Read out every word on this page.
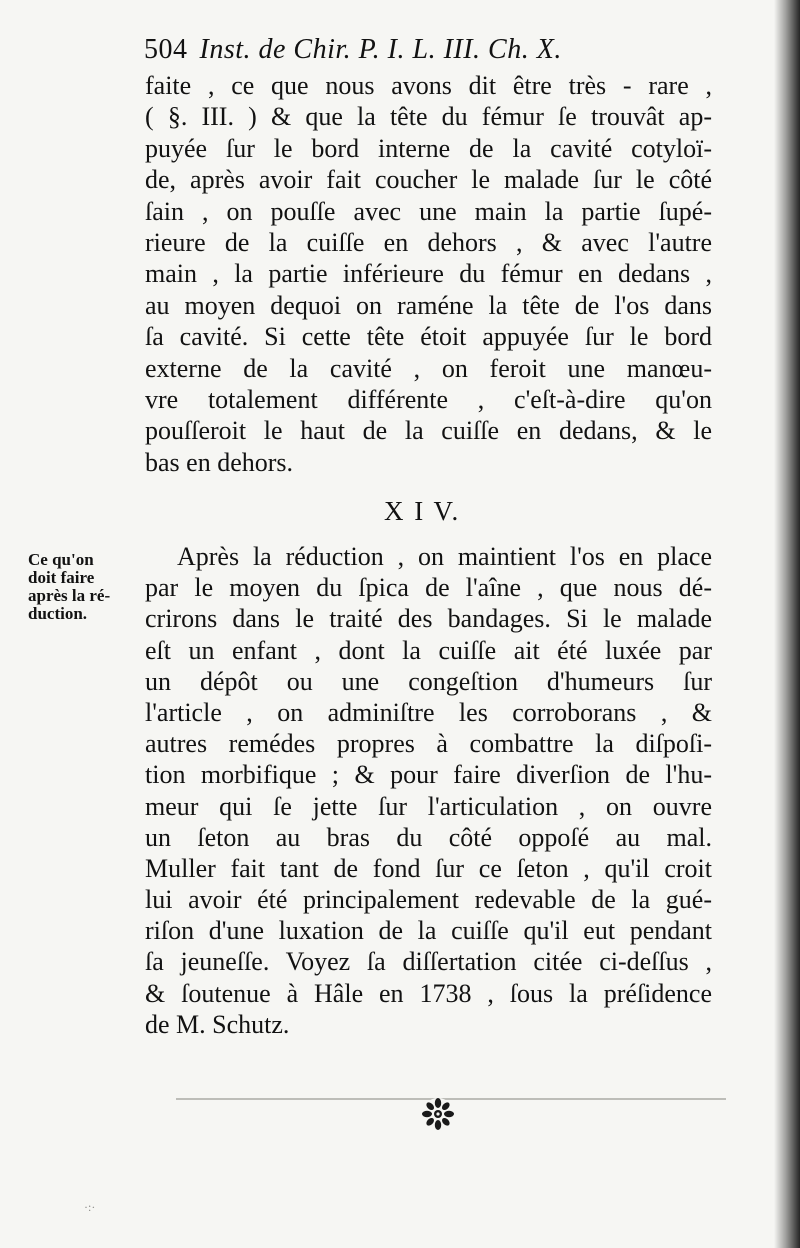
504 Inst. de Chir. P. I. L. III. Ch. X.
faite , ce que nous avons dit être très - rare ,
( §. III. ) & que la tête du fémur ſe trouvât ap-
puyée ſur le bord interne de la cavité cotyloï-
de, après avoir fait coucher le malade ſur le côté
ſain , on pouſſe avec une main la partie ſupé-
rieure de la cuiſſe en dehors , & avec l'autre
main , la partie inférieure du fémur en dedans ,
au moyen dequoi on raméne la tête de l'os dans
ſa cavité. Si cette tête étoit appuyée ſur le bord
externe de la cavité , on feroit une manœu-
vre totalement différente , c'eſt-à-dire qu'on
pouſſeroit le haut de la cuiſſe en dedans, & le
bas en dehors.
X I V.
Ce qu'on
doit faire
après la ré-
duction.
Après la réduction , on maintient l'os en place
par le moyen du ſpica de l'aîne , que nous dé-
crirons dans le traité des bandages. Si le malade
eſt un enfant , dont la cuiſſe ait été luxée par
un dépôt ou une congeſtion d'humeurs ſur
l'article , on adminiſtre les corroborans , &
autres remédes propres à combattre la diſpoſi-
tion morbifique ; & pour faire diverſion de l'hu-
meur qui ſe jette ſur l'articulation , on ouvre
un ſeton au bras du côté oppoſé au mal.
Muller fait tant de fond ſur ce ſeton , qu'il croit
lui avoir été principalement redevable de la gué-
riſon d'une luxation de la cuiſſe qu'il eut pendant
ſa jeuneſſe. Voyez ſa diſſertation citée ci-deſſus ,
& ſoutenue à Hâle en 1738 , ſous la préſidence
de M. Schutz.
·:·
